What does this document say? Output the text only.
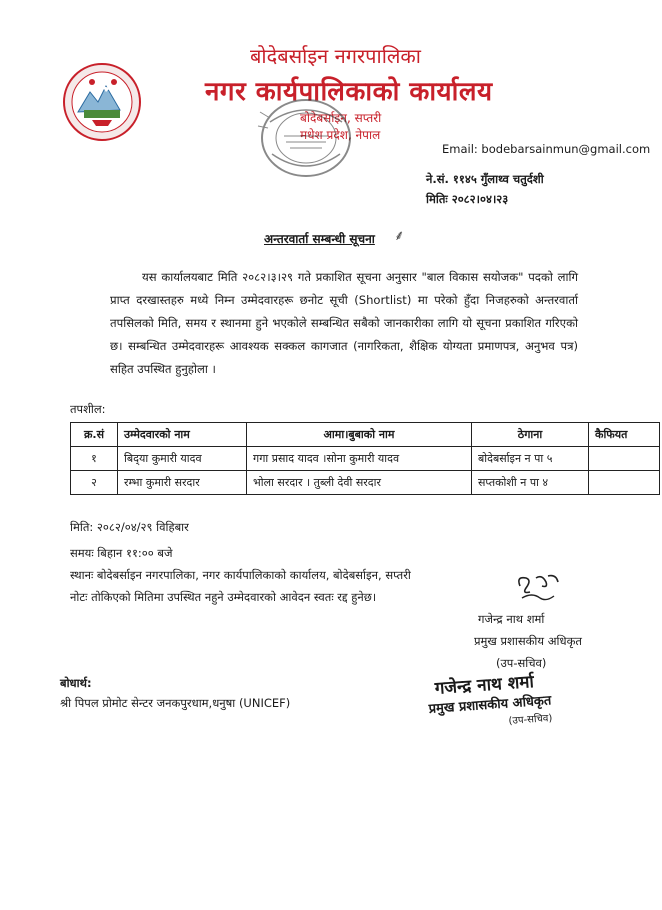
बोदेबर्साइन नगरपालिका
नगर कार्यपालिकाको कार्यालय
बोदेबर्साइन, सप्तरी
मधेश प्रदेश, नेपाल
Email: bodebarsainmun@gmail.com
ने.सं. ११४५ गुँलाथ्व चतुर्दशी
मितिः २०८२।०४।२३
अन्तरवार्ता सम्बन्धी सूचना ⸙
यस कार्यालयबाट मिति २०८२।३।२९ गते प्रकाशित सूचना अनुसार "बाल विकास सयोजक" पदको लागि प्राप्त दरखास्तहरु मध्ये निम्न उम्मेदवारहरू छनोट सूची (Shortlist) मा परेको हुँदा निजहरुको अन्तरवार्ता तपसिलको मिति, समय र स्थानमा हुने भएकोले सम्बन्धित सबैको जानकारीका लागि यो सूचना प्रकाशित गरिएको छ। सम्बन्धित उम्मेदवारहरू आवश्यक सक्कल कागजात (नागरिकता, शैक्षिक योग्यता प्रमाणपत्र, अनुभव पत्र) सहित उपस्थित हुनुहोला ।
तपशील:
क्र.सं	उम्मेदवारको नाम	आमा।बुबाको नाम	ठेगाना	कैफियत
१	बिद्‌या कुमारी यादव	गगा प्रसाद यादव ।सोना कुमारी यादव	बोदेबर्साइन न पा ५	
२	रम्भा कुमारी सरदार	भोला सरदार । तुब्ली देवी सरदार	सप्तकोशी न पा ४	
मिति: २०८२/०४/२९ विहिबार
समयः बिहान ११:०० बजे
स्थानः बोदेबर्साइन नगरपालिका, नगर कार्यपालिकाको कार्यालय, बोदेबर्साइन, सप्तरी
नोटः तोकिएको मितिमा उपस्थित नहुने उम्मेदवारको आवेदन स्वतः रद्द हुनेछ।
गजेन्द्र नाथ शर्मा
प्रमुख प्रशासकीय अधिकृत
(उप-सचिव)
गजेन्द्र नाथ शर्मा
प्रमुख प्रशासकीय अधिकृत
(उप-सचिव)
बोधार्थ:
श्री पिपल प्रोमोट सेन्टर जनकपुरधाम,धनुषा (UNICEF)
